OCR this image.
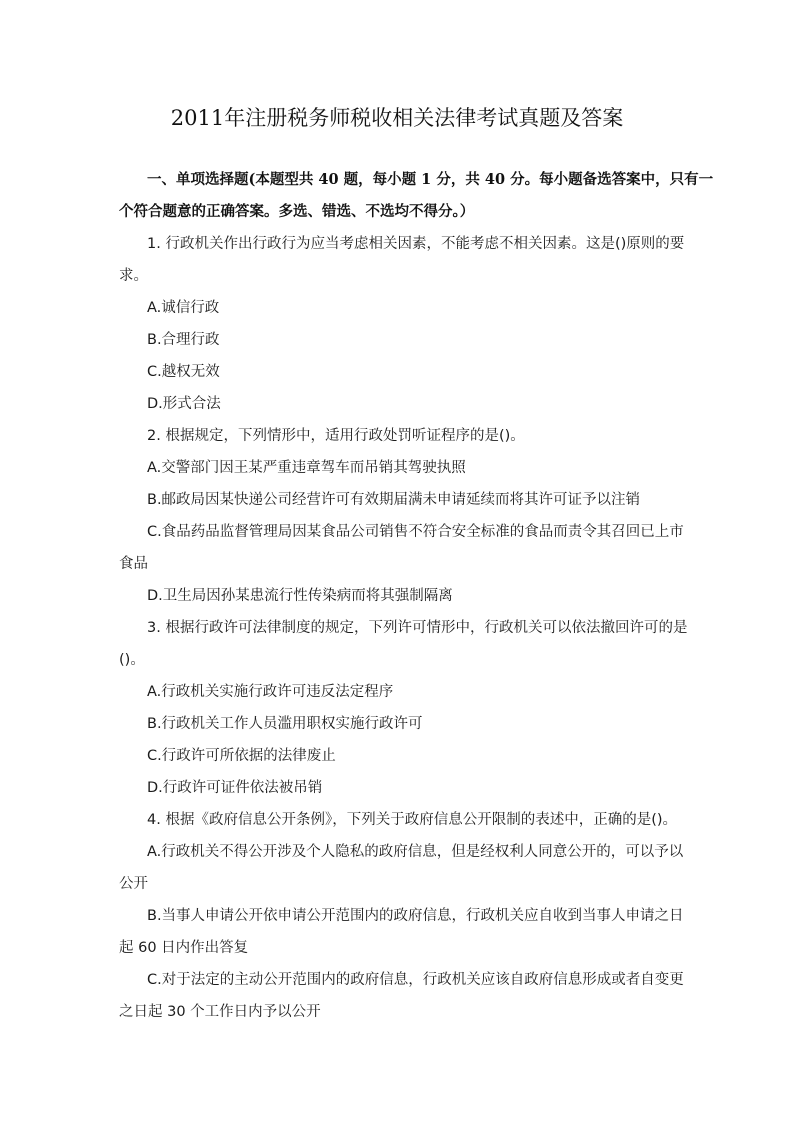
2011年注册税务师税收相关法律考试真题及答案
一、单项选择题(本题型共 40 题，每小题 1 分，共 40 分。每小题备选答案中，只有一
个符合题意的正确答案。多选、错选、不选均不得分。）
1. 行政机关作出行政行为应当考虑相关因素，不能考虑不相关因素。这是()原则的要
求。
A.诚信行政
B.合理行政
C.越权无效
D.形式合法
2. 根据规定，下列情形中，适用行政处罚听证程序的是()。
A.交警部门因王某严重违章驾车而吊销其驾驶执照
B.邮政局因某快递公司经营许可有效期届满未申请延续而将其许可证予以注销
C.食品药品监督管理局因某食品公司销售不符合安全标准的食品而责令其召回已上市
食品
D.卫生局因孙某患流行性传染病而将其强制隔离
3. 根据行政许可法律制度的规定，下列许可情形中，行政机关可以依法撤回许可的是
()。
A.行政机关实施行政许可违反法定程序
B.行政机关工作人员滥用职权实施行政许可
C.行政许可所依据的法律废止
D.行政许可证件依法被吊销
4. 根据《政府信息公开条例》，下列关于政府信息公开限制的表述中，正确的是()。
A.行政机关不得公开涉及个人隐私的政府信息，但是经权利人同意公开的，可以予以
公开
B.当事人申请公开依申请公开范围内的政府信息，行政机关应自收到当事人申请之日
起 60 日内作出答复
C.对于法定的主动公开范围内的政府信息，行政机关应该自政府信息形成或者自变更
之日起 30 个工作日内予以公开
